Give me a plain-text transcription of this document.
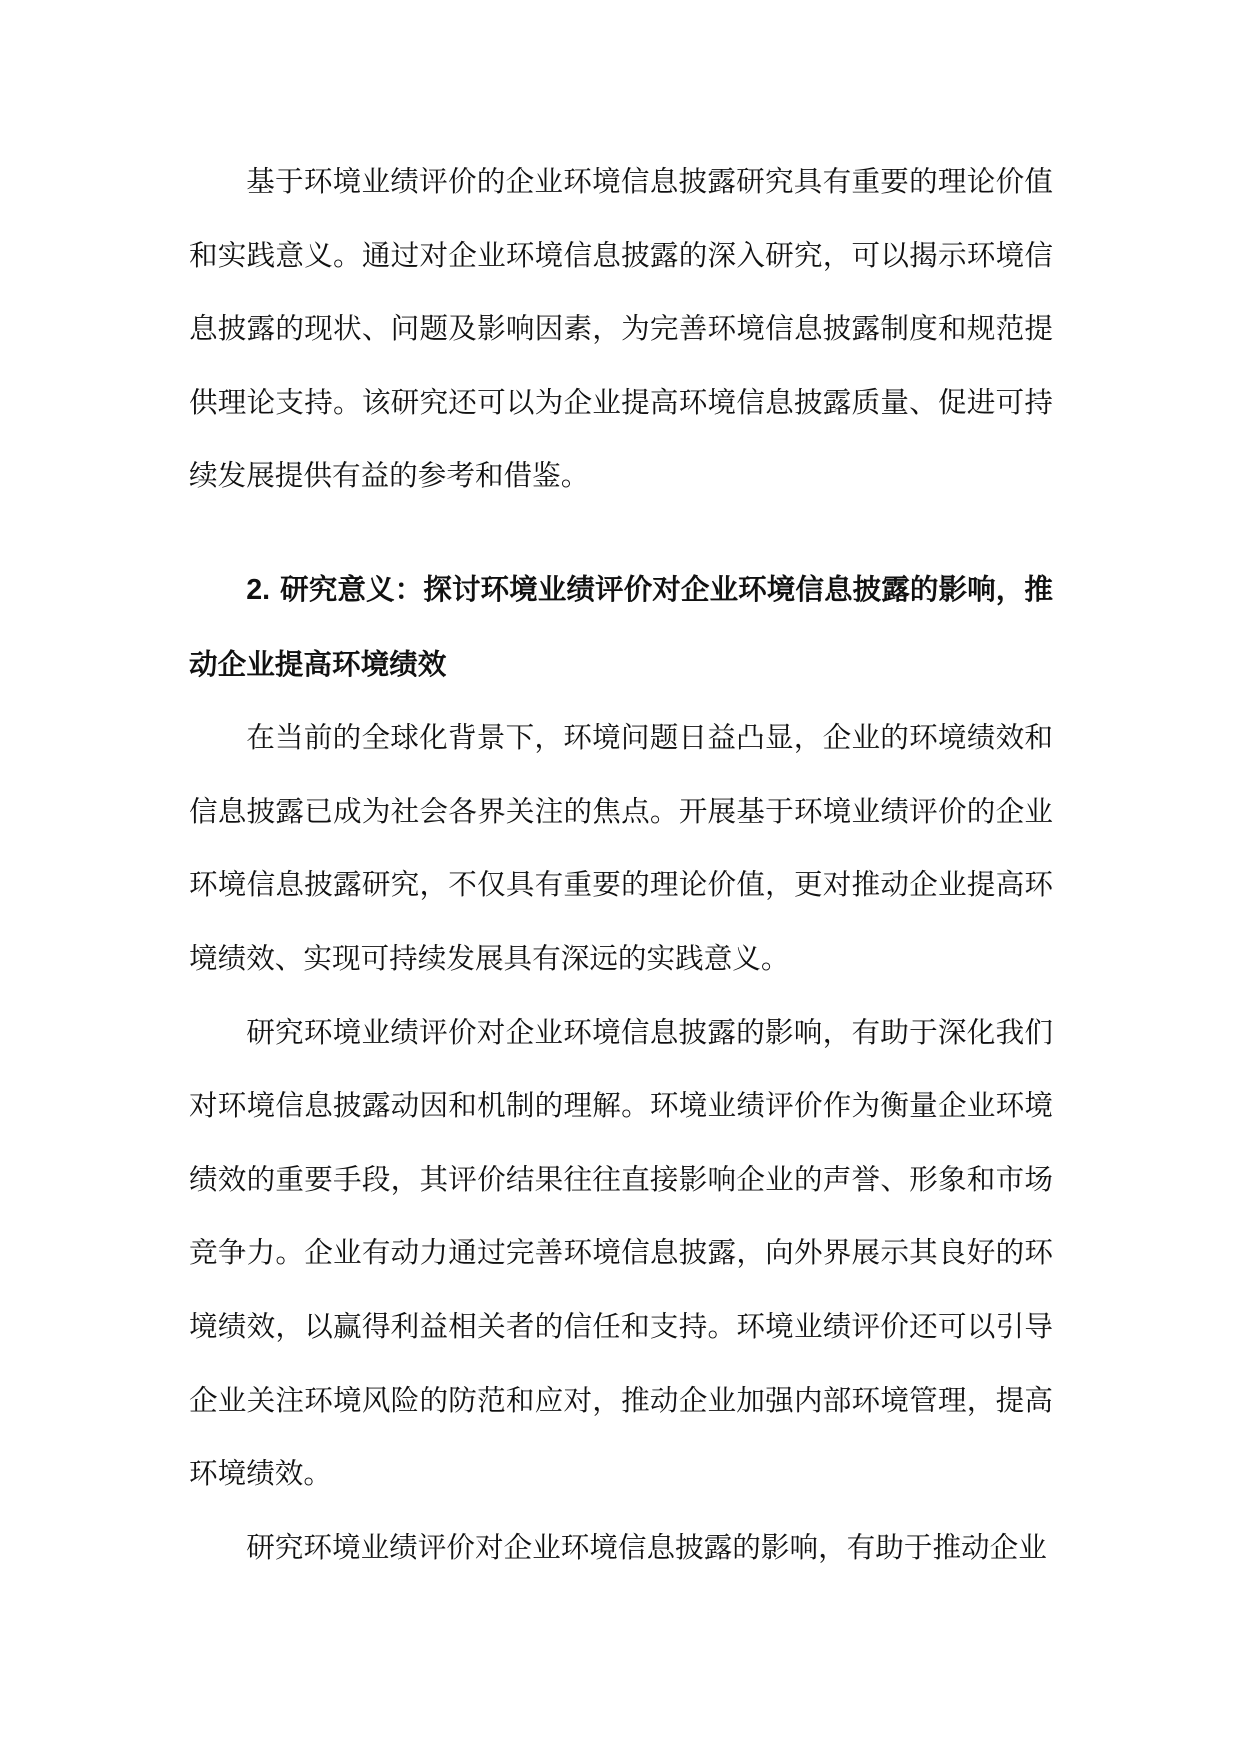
基于环境业绩评价的企业环境信息披露研究具有重要的理论价值和实践意义。通过对企业环境信息披露的深入研究，可以揭示环境信息披露的现状、问题及影响因素，为完善环境信息披露制度和规范提供理论支持。该研究还可以为企业提高环境信息披露质量、促进可持续发展提供有益的参考和借鉴。

2. 研究意义：探讨环境业绩评价对企业环境信息披露的影响，推动企业提高环境绩效

在当前的全球化背景下，环境问题日益凸显，企业的环境绩效和信息披露已成为社会各界关注的焦点。开展基于环境业绩评价的企业环境信息披露研究，不仅具有重要的理论价值，更对推动企业提高环境绩效、实现可持续发展具有深远的实践意义。

研究环境业绩评价对企业环境信息披露的影响，有助于深化我们对环境信息披露动因和机制的理解。环境业绩评价作为衡量企业环境绩效的重要手段，其评价结果往往直接影响企业的声誉、形象和市场竞争力。企业有动力通过完善环境信息披露，向外界展示其良好的环境绩效，以赢得利益相关者的信任和支持。环境业绩评价还可以引导企业关注环境风险的防范和应对，推动企业加强内部环境管理，提高环境绩效。

研究环境业绩评价对企业环境信息披露的影响，有助于推动企业
